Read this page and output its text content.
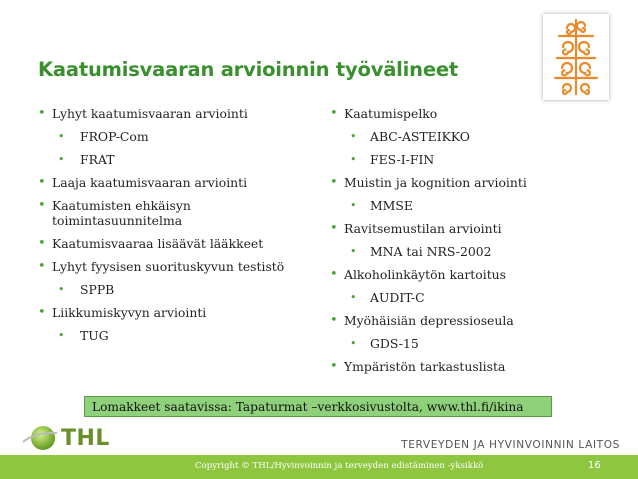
Kaatumisvaaran arvioinnin työvälineet
• Lyhyt kaatumisvaaran arviointi
• FROP-Com
• FRAT
• Laaja kaatumisvaaran arviointi
• Kaatumisten ehkäisyn toimintasuunnitelma
• Kaatumisvaaraa lisäävät lääkkeet
• Lyhyt fyysisen suorituskyvun testistö
• SPPB
• Liikkumiskyvyn arviointi
• TUG
• Kaatumispelko
• ABC-ASTEIKKO
• FES-I-FIN
• Muistin ja kognition arviointi
• MMSE
• Ravitsemustilan arviointi
• MNA tai NRS-2002
• Alkoholinkäytön kartoitus
• AUDIT-C
• Myöhäisiän depressioseula
• GDS-15
• Ympäristön tarkastuslista
Lomakkeet saatavissa: Tapaturmat –verkkosivustolta, www.thl.fi/ikina
THL	TERVEYDEN JA HYVINVOINNIN LAITOS
Copyright © THL/Hyvinvoinnin ja terveyden edistäminen -yksikkö	16
